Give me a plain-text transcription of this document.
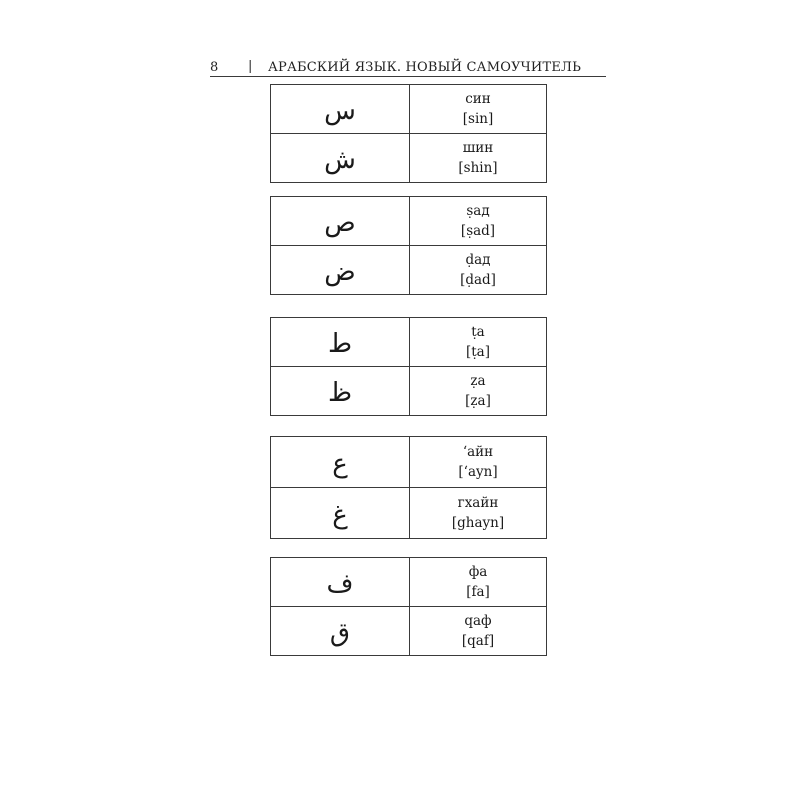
8 | АРАБСКИЙ ЯЗЫК. НОВЫЙ САМОУЧИТЕЛЬ
س	син
[sin]
ش	шин
[shin]
ص	ṣад
[ṣad]
ض	ḍад
[ḍad]
ط	ṭа
[ṭa]
ظ	ẓа
[ẓa]
ع	ʻайн
[ʻayn]
غ	гхайн
[ghayn]
ف	фа
[fa]
ق	qаф
[qaf]
